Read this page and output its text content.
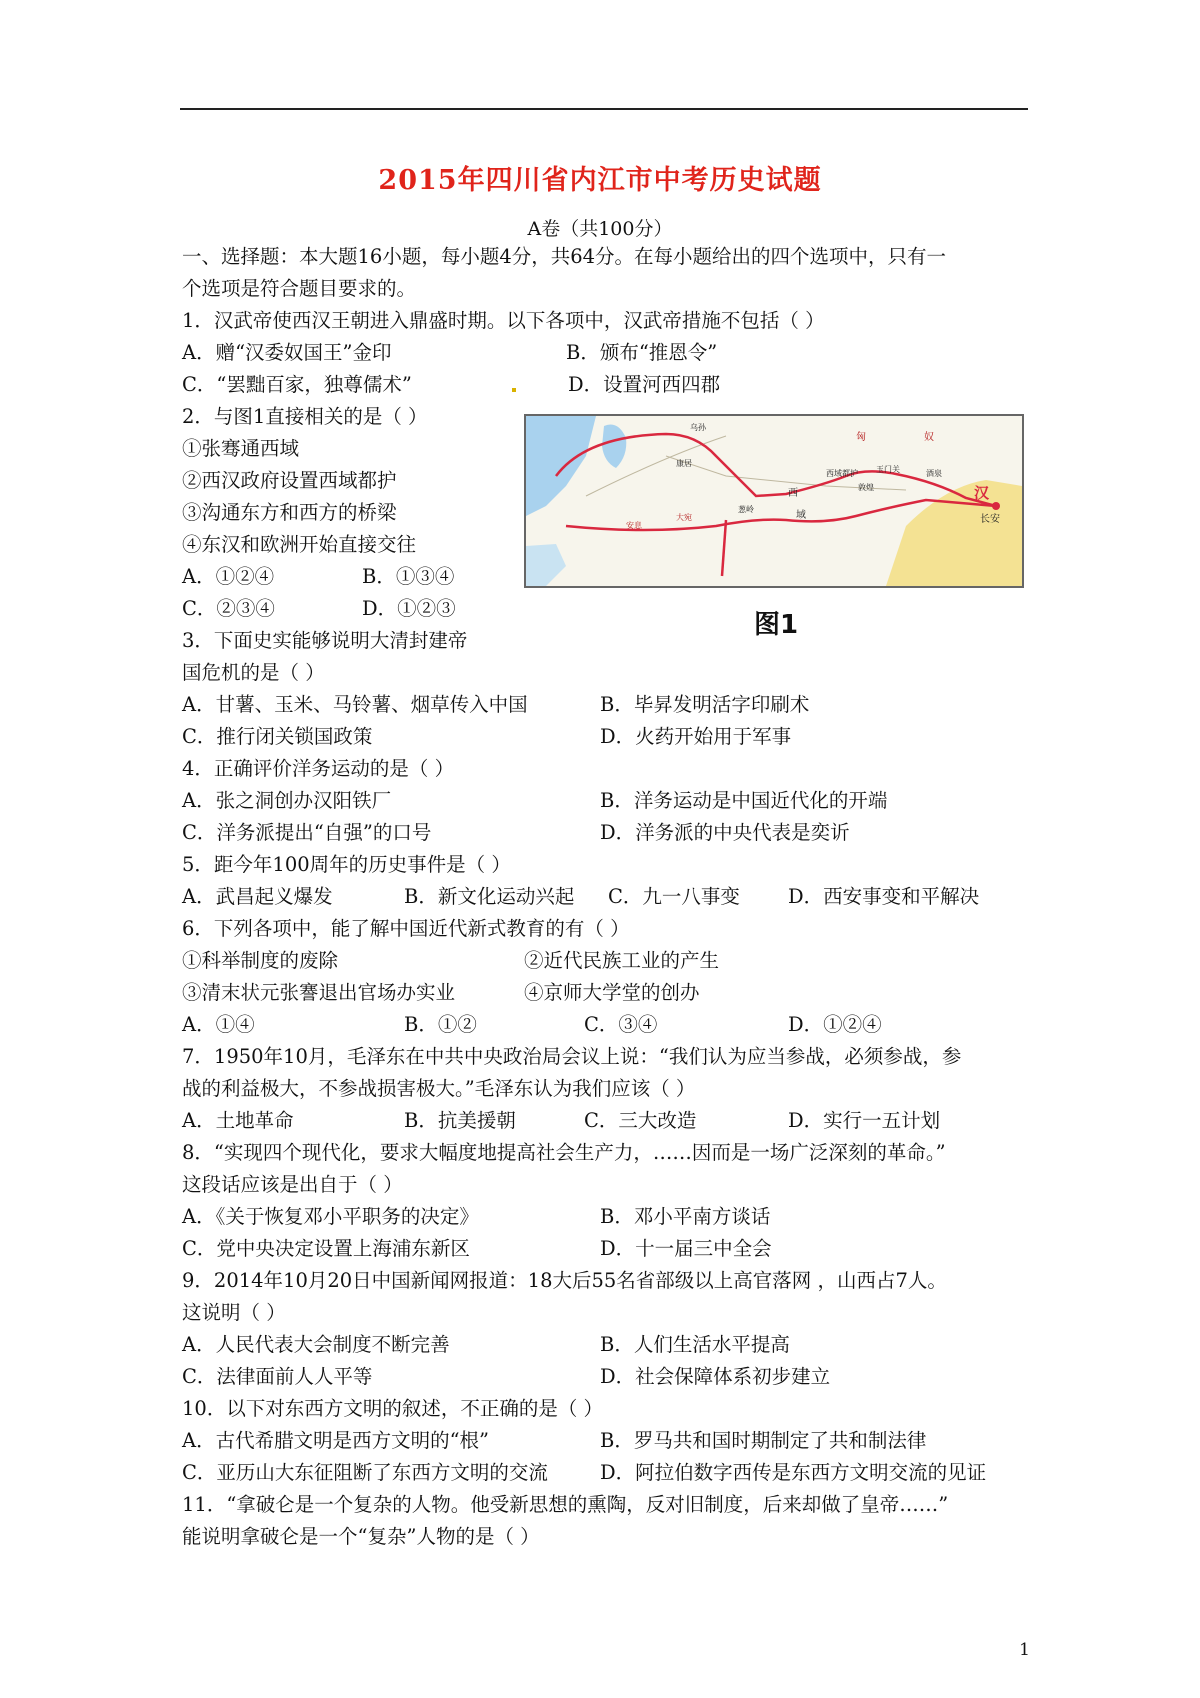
2015年四川省内江市中考历史试题
A卷（共100分）
一、选择题：本大题16小题，每小题4分，共64分。在每小题给出的四个选项中，只有一
个选项是符合题目要求的。
1．汉武帝使西汉王朝进入鼎盛时期。以下各项中，汉武帝措施不包括（ ）
A．赠“汉委奴国王”金印	B．颁布“推恩令”
C．“罢黜百家，独尊儒术”	D．设置河西四郡
2．与图1直接相关的是（ ）
①张骞通西域
②西汉政府设置西域都护
③沟通东方和西方的桥梁
④东汉和欧洲开始直接交往
A．①②④	B．①③④
C．②③④	D．①②③
汉
长安
西域都护 玉门关
敦煌
酒泉
西
域
匈	奴
葱岭
乌孙
大宛
安息
康居
图1
3．下面史实能够说明大清封建帝
国危机的是（ ）
A．甘薯、玉米、马铃薯、烟草传入中国	B．毕昇发明活字印刷术
C．推行闭关锁国政策	D．火药开始用于军事
4．正确评价洋务运动的是（ ）
A．张之洞创办汉阳铁厂	B．洋务运动是中国近代化的开端
C．洋务派提出“自强”的口号	D．洋务派的中央代表是奕䜣
5．距今年100周年的历史事件是（ ）
A．武昌起义爆发	B．新文化运动兴起 C．九一八事变 D．西安事变和平解决
6．下列各项中，能了解中国近代新式教育的有（ ）
①科举制度的废除	②近代民族工业的产生
③清末状元张謇退出官场办实业	④京师大学堂的创办
A．①④	B．①②	C．③④	D．①②④
7．1950年10月，毛泽东在中共中央政治局会议上说：“我们认为应当参战，必须参战，参
战的利益极大，不参战损害极大。”毛泽东认为我们应该（ ）
A．土地革命	B．抗美援朝	C．三大改造	D．实行一五计划
8．“实现四个现代化，要求大幅度地提高社会生产力，……因而是一场广泛深刻的革命。”
这段话应该是出自于（ ）
A．《关于恢复邓小平职务的决定》	B．邓小平南方谈话
C．党中央决定设置上海浦东新区	D．十一届三中全会
9．2014年10月20日中国新闻网报道：18大后55名省部级以上高官落网 ，山西占7人。
这说明（ ）
A．人民代表大会制度不断完善	B．人们生活水平提高
C．法律面前人人平等	D．社会保障体系初步建立
10．以下对东西方文明的叙述，不正确的是（ ）
A．古代希腊文明是西方文明的“根”	B．罗马共和国时期制定了共和制法律
C．亚历山大东征阻断了东西方文明的交流	D．阿拉伯数字西传是东西方文明交流的见证
11．“拿破仑是一个复杂的人物。他受新思想的熏陶，反对旧制度，后来却做了皇帝……”
能说明拿破仑是一个“复杂”人物的是（ ）
1
